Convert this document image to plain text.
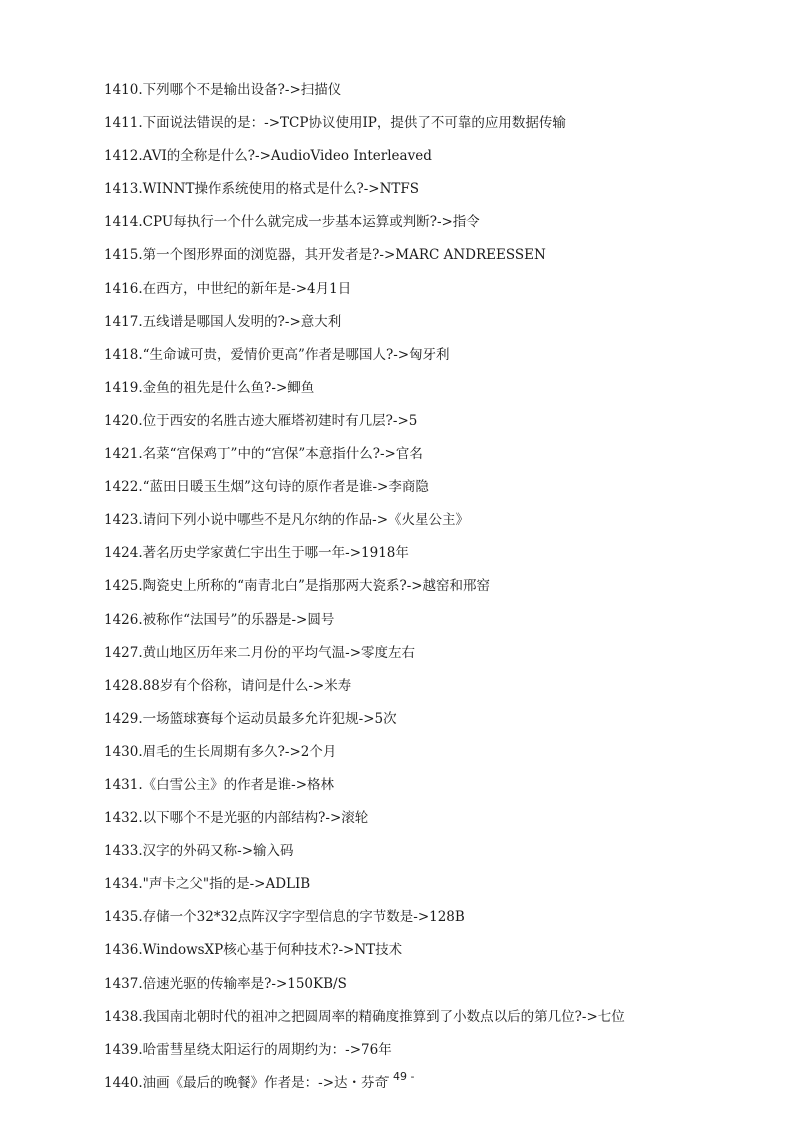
1410.下列哪个不是输出设备?->扫描仪
1411.下面说法错误的是：->TCP协议使用IP，提供了不可靠的应用数据传输
1412.AVI的全称是什么?->AudioVideo Interleaved
1413.WINNT操作系统使用的格式是什么?->NTFS
1414.CPU每执行一个什么就完成一步基本运算或判断?->指令
1415.第一个图形界面的浏览器，其开发者是?->MARC ANDREESSEN
1416.在西方，中世纪的新年是->4月1日
1417.五线谱是哪国人发明的?->意大利
1418.“生命诚可贵，爱情价更高”作者是哪国人?->匈牙利
1419.金鱼的祖先是什么鱼?->鲫鱼
1420.位于西安的名胜古迹大雁塔初建时有几层?->5
1421.名菜“宫保鸡丁”中的“宫保”本意指什么?->官名
1422.“蓝田日暖玉生烟”这句诗的原作者是谁->李商隐
1423.请问下列小说中哪些不是凡尔纳的作品->《火星公主》
1424.著名历史学家黄仁宇出生于哪一年->1918年
1425.陶瓷史上所称的“南青北白”是指那两大瓷系?->越窑和邢窑
1426.被称作“法国号”的乐器是->圆号
1427.黄山地区历年来二月份的平均气温->零度左右
1428.88岁有个俗称，请问是什么->米寿
1429.一场篮球赛每个运动员最多允许犯规->5次
1430.眉毛的生长周期有多久?->2个月
1431.《白雪公主》的作者是谁->格林
1432.以下哪个不是光驱的内部结构?->滚轮
1433.汉字的外码又称->输入码
1434."声卡之父"指的是->ADLIB
1435.存储一个32*32点阵汉字字型信息的字节数是->128B
1436.WindowsXP核心基于何种技术?->NT技术
1437.倍速光驱的传输率是?->150KB/S
1438.我国南北朝时代的祖冲之把圆周率的精确度推算到了小数点以后的第几位?->七位
1439.哈雷彗星绕太阳运行的周期约为：->76年
1440.油画《最后的晚餐》作者是：->达・芬奇
- 49 -
